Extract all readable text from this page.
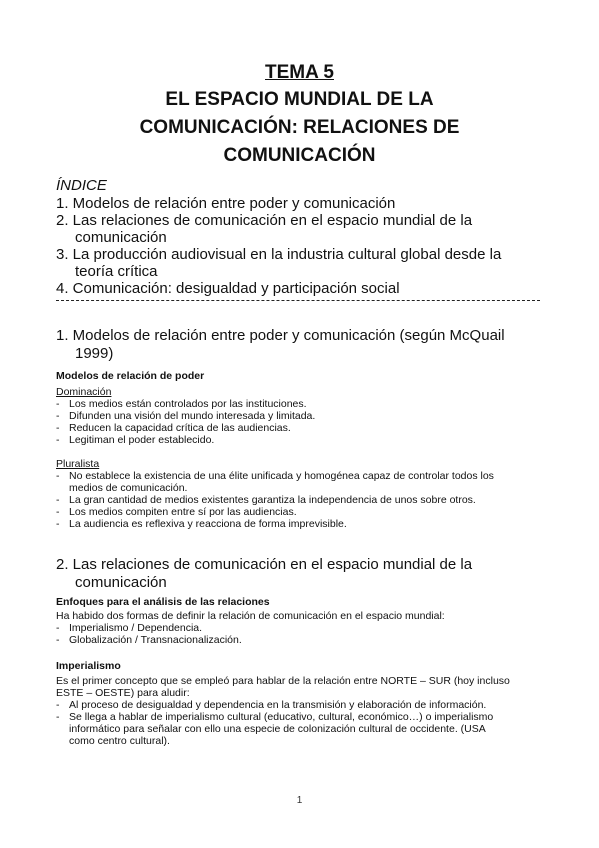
TEMA 5
EL ESPACIO MUNDIAL DE LA
COMUNICACIÓN: RELACIONES DE
COMUNICACIÓN
ÍNDICE
1. Modelos de relación entre poder y comunicación
2. Las relaciones de comunicación en el espacio mundial de la
comunicación
3. La producción audiovisual en la industria cultural global desde la
teoría crítica
4. Comunicación: desigualdad y participación social
1. Modelos de relación entre poder y comunicación (según McQuail
1999)
Modelos de relación de poder
Dominación
- Los medios están controlados por las instituciones.
- Difunden una visión del mundo interesada y limitada.
- Reducen la capacidad crítica de las audiencias.
- Legitiman el poder establecido.
Pluralista
- No establece la existencia de una élite unificada y homogénea capaz de controlar todos los
medios de comunicación.
- La gran cantidad de medios existentes garantiza la independencia de unos sobre otros.
- Los medios compiten entre sí por las audiencias.
- La audiencia es reflexiva y reacciona de forma imprevisible.
2. Las relaciones de comunicación en el espacio mundial de la
comunicación
Enfoques para el análisis de las relaciones
Ha habido dos formas de definir la relación de comunicación en el espacio mundial:
- Imperialismo / Dependencia.
- Globalización / Transnacionalización.
Imperialismo
Es el primer concepto que se empleó para hablar de la relación entre NORTE – SUR (hoy incluso
ESTE – OESTE) para aludir:
- Al proceso de desigualdad y dependencia en la transmisión y elaboración de información.
- Se llega a hablar de imperialismo cultural (educativo, cultural, económico…) o imperialismo
informático para señalar con ello una especie de colonización cultural de occidente. (USA
como centro cultural).
1
